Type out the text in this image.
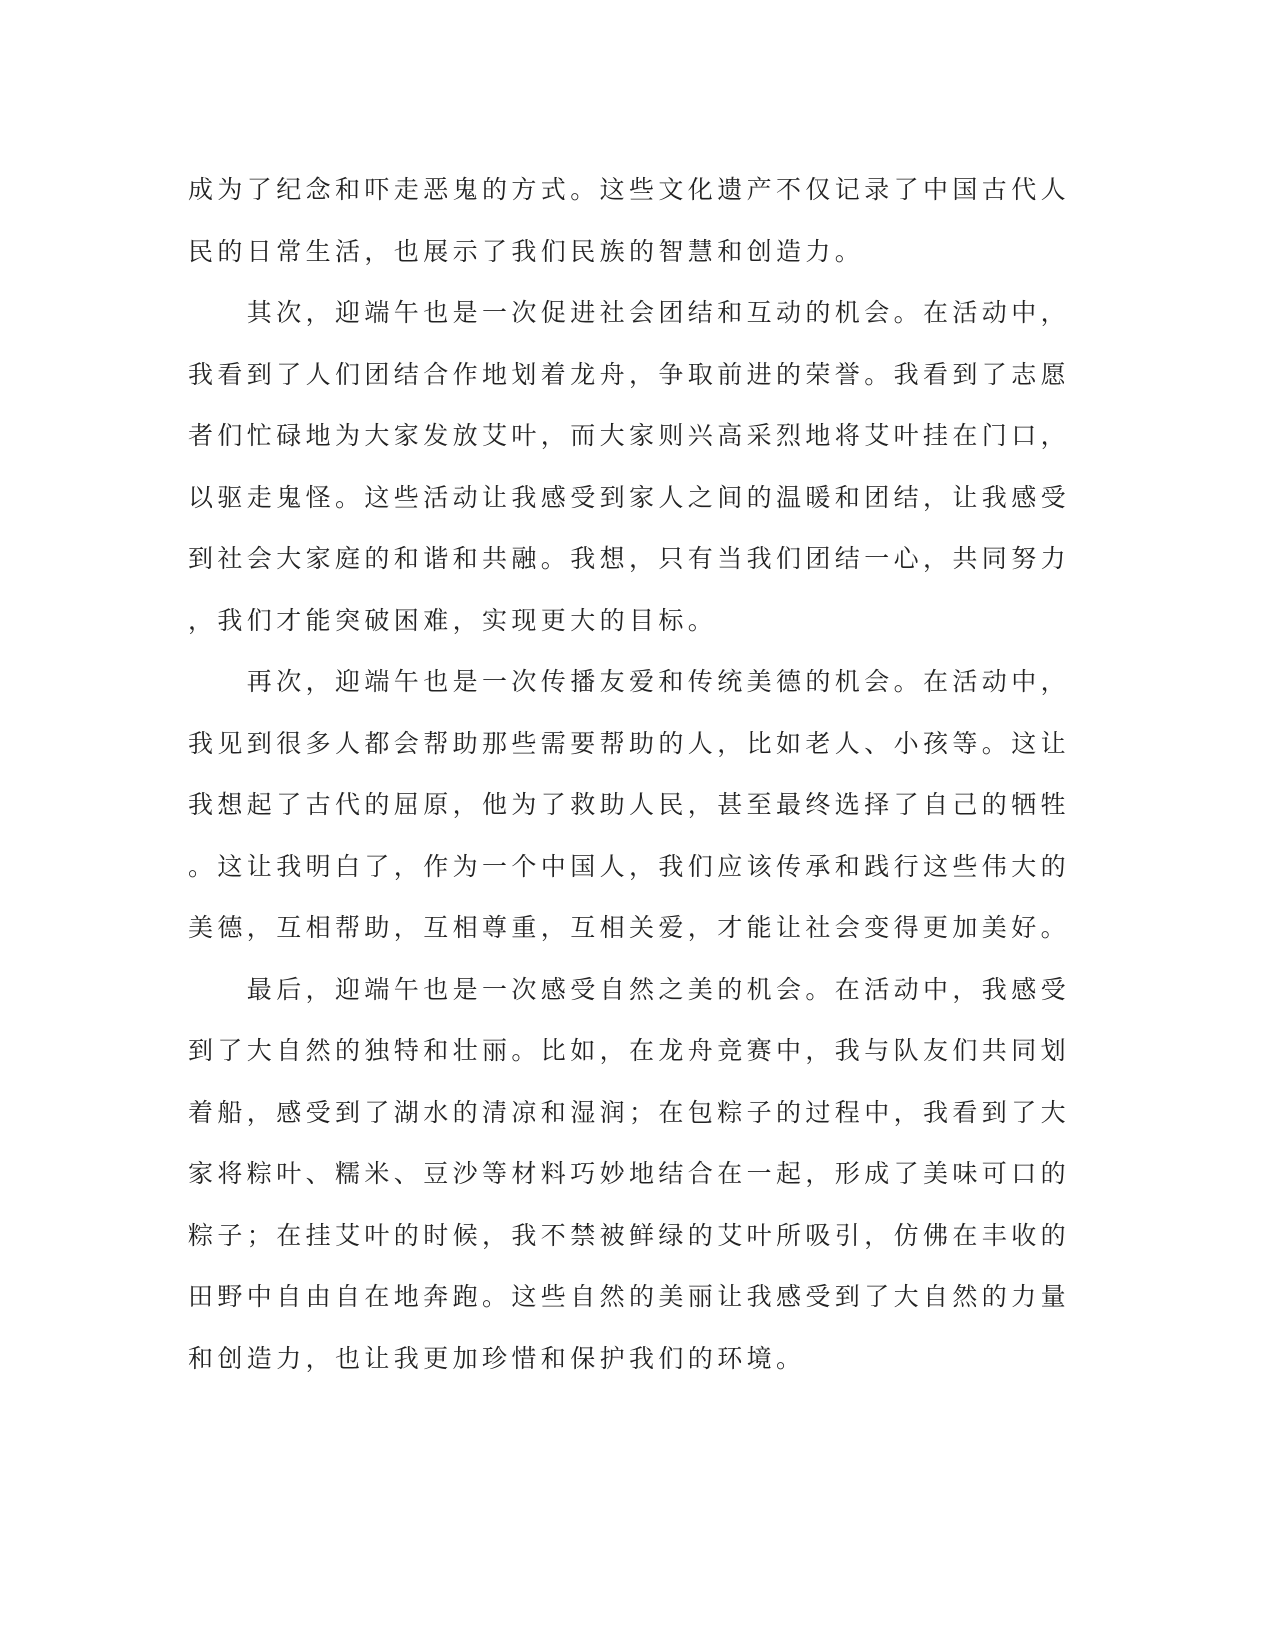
成为了纪念和吓走恶鬼的方式。这些文化遗产不仅记录了中国古代人
民的日常生活，也展示了我们民族的智慧和创造力。
　　其次，迎端午也是一次促进社会团结和互动的机会。在活动中，
我看到了人们团结合作地划着龙舟，争取前进的荣誉。我看到了志愿
者们忙碌地为大家发放艾叶，而大家则兴高采烈地将艾叶挂在门口，
以驱走鬼怪。这些活动让我感受到家人之间的温暖和团结，让我感受
到社会大家庭的和谐和共融。我想，只有当我们团结一心，共同努力
，我们才能突破困难，实现更大的目标。
　　再次，迎端午也是一次传播友爱和传统美德的机会。在活动中，
我见到很多人都会帮助那些需要帮助的人，比如老人、小孩等。这让
我想起了古代的屈原，他为了救助人民，甚至最终选择了自己的牺牲
。这让我明白了，作为一个中国人，我们应该传承和践行这些伟大的
美德，互相帮助，互相尊重，互相关爱，才能让社会变得更加美好。
　　最后，迎端午也是一次感受自然之美的机会。在活动中，我感受
到了大自然的独特和壮丽。比如，在龙舟竞赛中，我与队友们共同划
着船，感受到了湖水的清凉和湿润；在包粽子的过程中，我看到了大
家将粽叶、糯米、豆沙等材料巧妙地结合在一起，形成了美味可口的
粽子；在挂艾叶的时候，我不禁被鲜绿的艾叶所吸引，仿佛在丰收的
田野中自由自在地奔跑。这些自然的美丽让我感受到了大自然的力量
和创造力，也让我更加珍惜和保护我们的环境。
